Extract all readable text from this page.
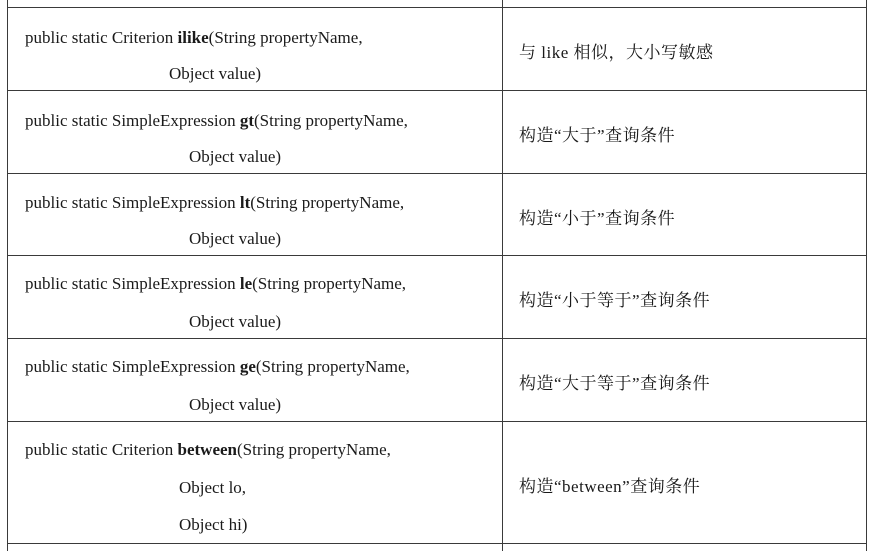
public static Criterion ilike(String propertyName,
Object value)
与 like 相似，大小写敏感
public static SimpleExpression gt(String propertyName,
Object value)
构造“大于”查询条件
public static SimpleExpression lt(String propertyName,
Object value)
构造“小于”查询条件
public static SimpleExpression le(String propertyName,
Object value)
构造“小于等于”查询条件
public static SimpleExpression ge(String propertyName,
Object value)
构造“大于等于”查询条件
public static Criterion between(String propertyName,
Object lo,
Object hi)
构造“between”查询条件
